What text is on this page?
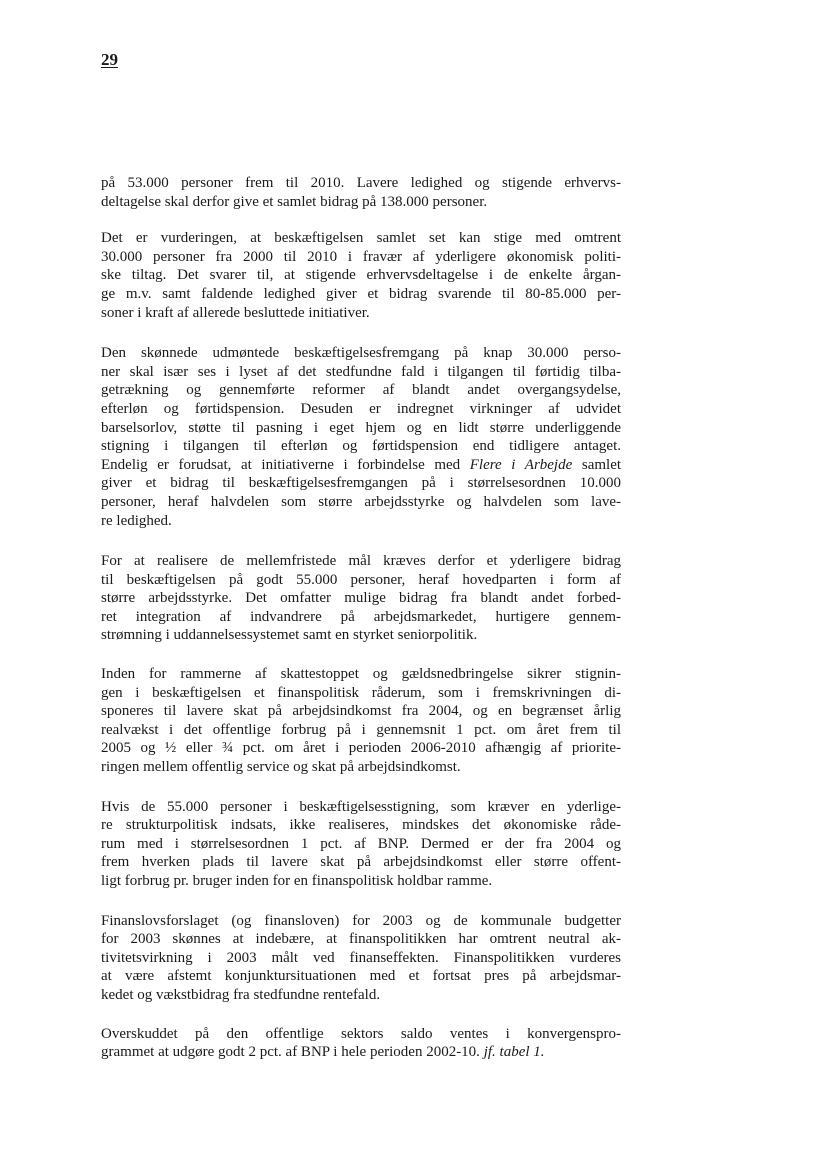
29

på 53.000 personer frem til 2010. Lavere ledighed og stigende erhvervs-
deltagelse skal derfor give et samlet bidrag på 138.000 personer.

Det er vurderingen, at beskæftigelsen samlet set kan stige med omtrent
30.000 personer fra 2000 til 2010 i fravær af yderligere økonomisk politi-
ske tiltag. Det svarer til, at stigende erhvervsdeltagelse i de enkelte årgan-
ge m.v. samt faldende ledighed giver et bidrag svarende til 80-85.000 per-
soner i kraft af allerede besluttede initiativer.

Den skønnede udmøntede beskæftigelsesfremgang på knap 30.000 perso-
ner skal især ses i lyset af det stedfundne fald i tilgangen til førtidig tilba-
getrækning og gennemførte reformer af blandt andet overgangsydelse,
efterløn og førtidspension. Desuden er indregnet virkninger af udvidet
barselsorlov, støtte til pasning i eget hjem og en lidt større underliggende
stigning i tilgangen til efterløn og førtidspension end tidligere antaget.
Endelig er forudsat, at initiativerne i forbindelse med Flere i Arbejde samlet
giver et bidrag til beskæftigelsesfremgangen på i størrelsesordnen 10.000
personer, heraf halvdelen som større arbejdsstyrke og halvdelen som lave-
re ledighed.

For at realisere de mellemfristede mål kræves derfor et yderligere bidrag
til beskæftigelsen på godt 55.000 personer, heraf hovedparten i form af
større arbejdsstyrke. Det omfatter mulige bidrag fra blandt andet forbed-
ret integration af indvandrere på arbejdsmarkedet, hurtigere gennem-
strømning i uddannelsessystemet samt en styrket seniorpolitik.

Inden for rammerne af skattestoppet og gældsnedbringelse sikrer stignin-
gen i beskæftigelsen et finanspolitisk råderum, som i fremskrivningen di-
sponeres til lavere skat på arbejdsindkomst fra 2004, og en begrænset årlig
realvækst i det offentlige forbrug på i gennemsnit 1 pct. om året frem til
2005 og ½ eller ¾ pct. om året i perioden 2006-2010 afhængig af priorite-
ringen mellem offentlig service og skat på arbejdsindkomst.

Hvis de 55.000 personer i beskæftigelsesstigning, som kræver en yderlige-
re strukturpolitisk indsats, ikke realiseres, mindskes det økonomiske råde-
rum med i størrelsesordnen 1 pct. af BNP. Dermed er der fra 2004 og
frem hverken plads til lavere skat på arbejdsindkomst eller større offent-
ligt forbrug pr. bruger inden for en finanspolitisk holdbar ramme.

Finanslovsforslaget (og finansloven) for 2003 og de kommunale budgetter
for 2003 skønnes at indebære, at finanspolitikken har omtrent neutral ak-
tivitetsvirkning i 2003 målt ved finanseffekten. Finanspolitikken vurderes
at være afstemt konjunktursituationen med et fortsat pres på arbejdsmar-
kedet og vækstbidrag fra stedfundne rentefald.

Overskuddet på den offentlige sektors saldo ventes i konvergenspro-
grammet at udgøre godt 2 pct. af BNP i hele perioden 2002-10. jf. tabel 1.
